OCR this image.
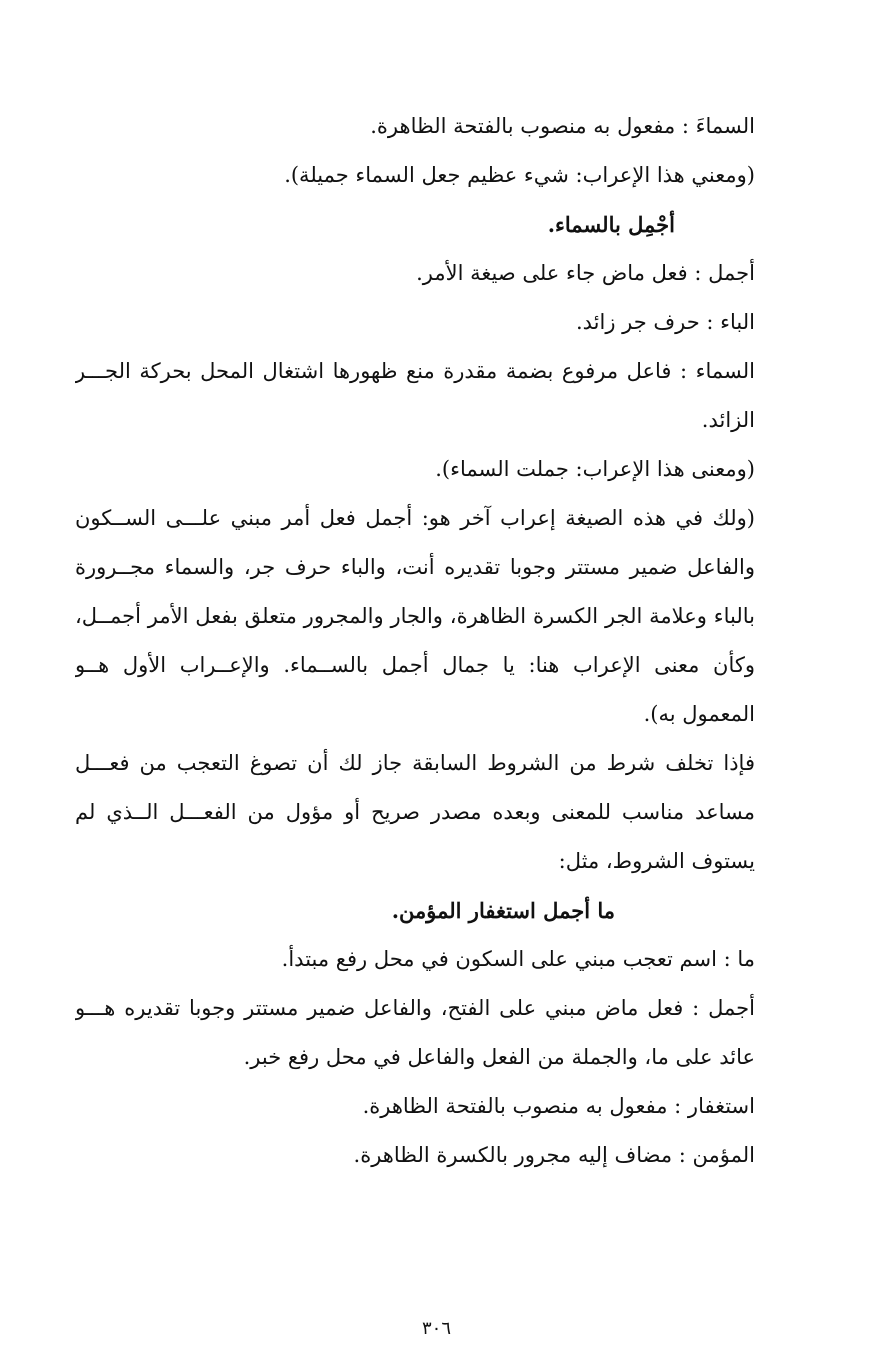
السماءَ : مفعول به منصوب بالفتحة الظاهرة.
(ومعني هذا الإعراب: شيء عظيم جعل السماء جميلة).
أجْمِل بالسماء.
أجمل : فعل ماض جاء على صيغة الأمر.
الباء : حرف جر زائد.
السماء : فاعل مرفوع بضمة مقدرة منع ظهورها اشتغال المحل بحركة الجـــر
الزائد.
(ومعنى هذا الإعراب: جملت السماء).
(ولك في هذه الصيغة إعراب آخر هو: أجمل فعل أمر مبني علـــى الســكون
والفاعل ضمير مستتر وجوبا تقديره أنت، والباء حرف جر، والسماء مجــرورة
بالباء وعلامة الجر الكسرة الظاهرة، والجار والمجرور متعلق بفعل الأمر أجمــل،
وكأن معنى الإعراب هنا: يا جمال أجمل بالســماء. والإعــراب الأول هــو
المعمول به).
فإذا تخلف شرط من الشروط السابقة جاز لك أن تصوغ التعجب من فعـــل
مساعد مناسب للمعنى وبعده مصدر صريح أو مؤول من الفعـــل الــذي لم
يستوف الشروط، مثل:
ما أجمل استغفار المؤمن.
ما : اسم تعجب مبني على السكون في محل رفع مبتدأ.
أجمل : فعل ماض مبني على الفتح، والفاعل ضمير مستتر وجوبا تقديره هـــو
عائد على ما، والجملة من الفعل والفاعل في محل رفع خبر.
استغفار : مفعول به منصوب بالفتحة الظاهرة.
المؤمن : مضاف إليه مجرور بالكسرة الظاهرة.
٣٠٦
